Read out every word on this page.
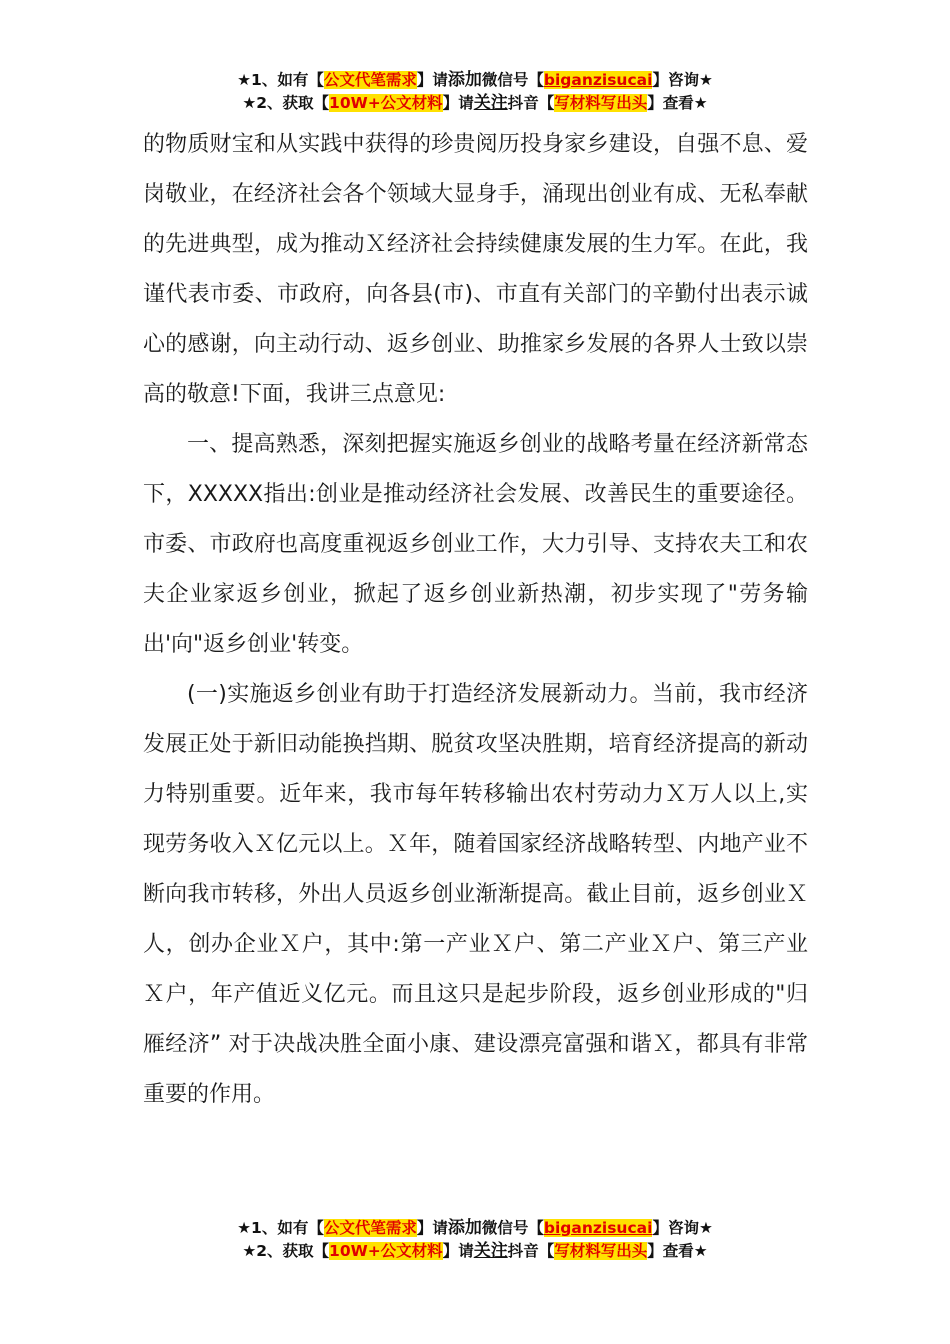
★1、如有【公文代笔需求】请添加微信号【biganzisucai】咨询★
★2、获取【10W+公文材料】请关注抖音【写材料写出头】查看★

的物质财宝和从实践中获得的珍贵阅历投身家乡建设，自强不息、爱岗敬业，在经济社会各个领域大显身手，涌现出创业有成、无私奉献的先进典型，成为推动Ｘ经济社会持续健康发展的生力军。在此，我谨代表市委、市政府，向各县(市)、市直有关部门的辛勤付出表示诚心的感谢，向主动行动、返乡创业、助推家乡发展的各界人士致以崇高的敬意!下面，我讲三点意见:

一、提高熟悉，深刻把握实施返乡创业的战略考量在经济新常态下，XXXXX指出:创业是推动经济社会发展、改善民生的重要途径。市委、市政府也高度重视返乡创业工作，大力引导、支持农夫工和农夫企业家返乡创业，掀起了返乡创业新热潮，初步实现了"劳务输出'向"返乡创业'转变。

(一)实施返乡创业有助于打造经济发展新动力。当前，我市经济发展正处于新旧动能换挡期、脱贫攻坚决胜期，培育经济提高的新动力特别重要。近年来，我市每年转移输出农村劳动力Ｘ万人以上,实现劳务收入Ｘ亿元以上。Ｘ年，随着国家经济战略转型、内地产业不断向我市转移，外出人员返乡创业渐渐提高。截止目前，返乡创业Ｘ人，创办企业Ｘ户，其中:第一产业Ｘ户、第二产业Ｘ户、第三产业Ｘ户，年产值近义亿元。而且这只是起步阶段，返乡创业形成的"归雁经济” 对于决战决胜全面小康、建设漂亮富强和谐Ｘ，都具有非常重要的作用。

★1、如有【公文代笔需求】请添加微信号【biganzisucai】咨询★
★2、获取【10W+公文材料】请关注抖音【写材料写出头】查看★
